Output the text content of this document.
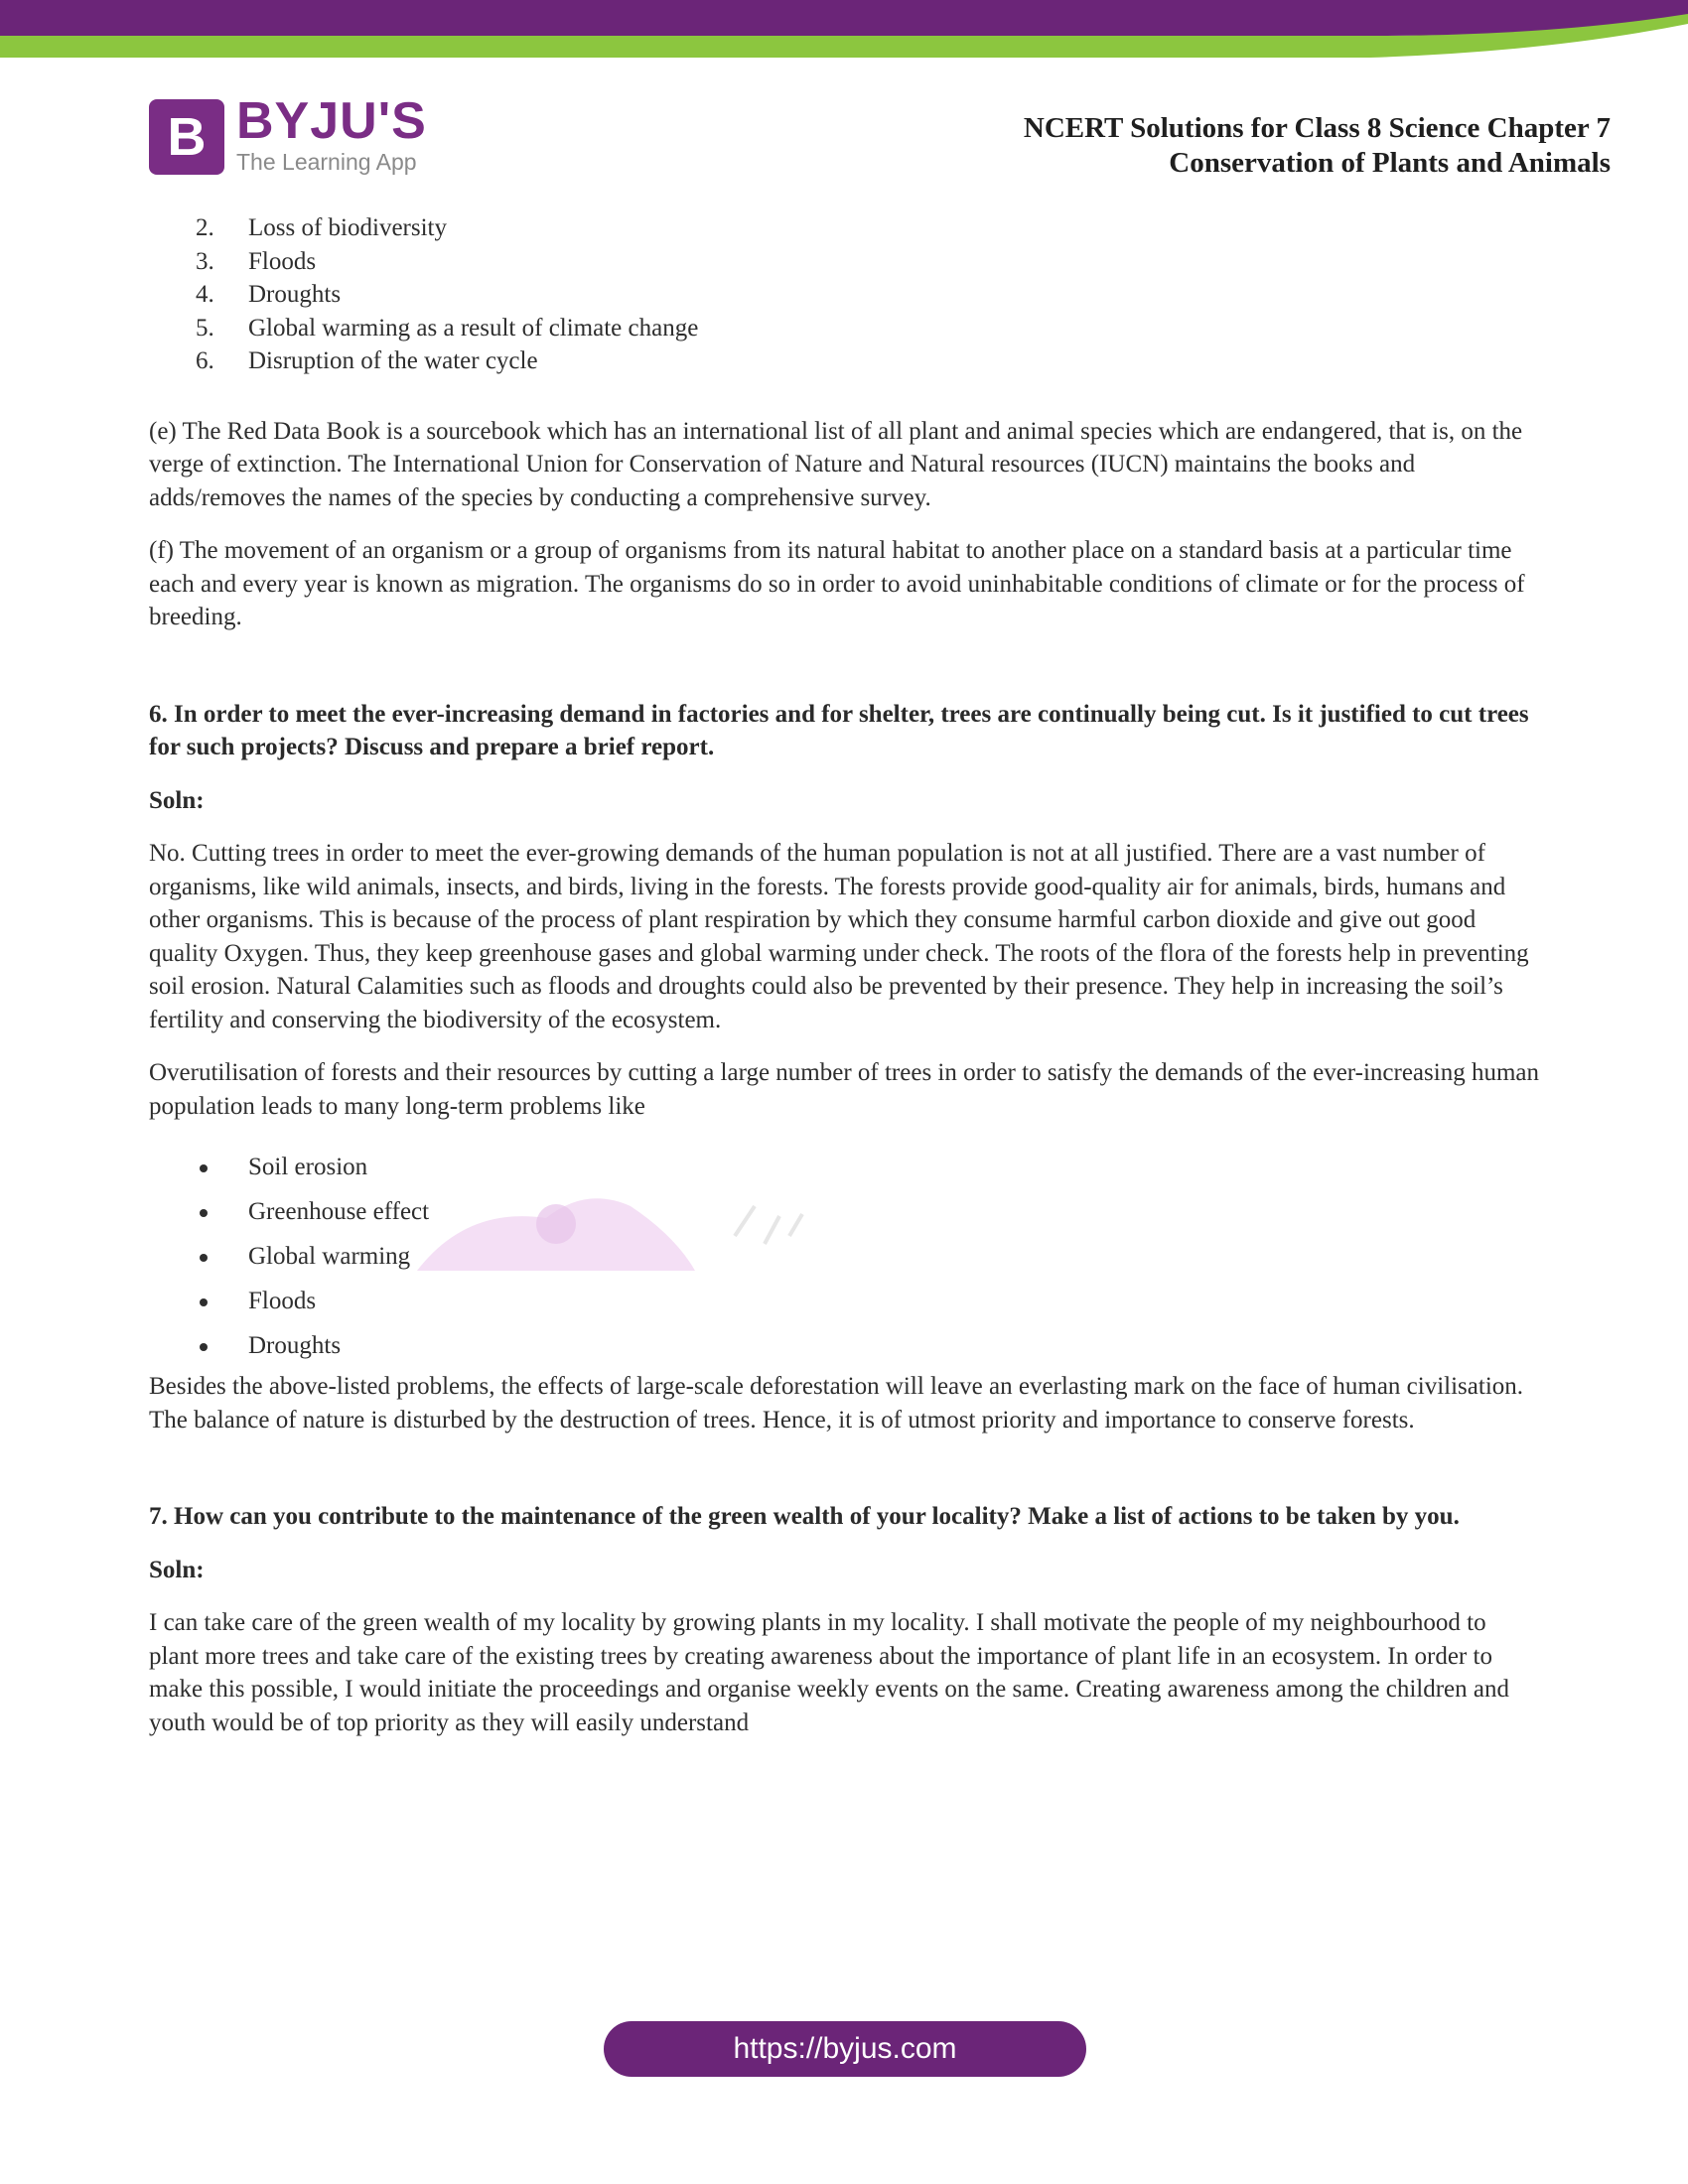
B BYJU'S
The Learning App
NCERT Solutions for Class 8 Science Chapter 7
Conservation of Plants and Animals
2. Loss of biodiversity
3. Floods
4. Droughts
5. Global warming as a result of climate change
6. Disruption of the water cycle

(e) The Red Data Book is a sourcebook which has an international list of all plant and animal species which are endangered, that is, on the verge of extinction. The International Union for Conservation of Nature and Natural resources (IUCN) maintains the books and adds/removes the names of the species by conducting a comprehensive survey.

(f) The movement of an organism or a group of organisms from its natural habitat to another place on a standard basis at a particular time each and every year is known as migration. The organisms do so in order to avoid uninhabitable conditions of climate or for the process of breeding.

6. In order to meet the ever-increasing demand in factories and for shelter, trees are continually being cut. Is it justified to cut trees for such projects? Discuss and prepare a brief report.

Soln:

No. Cutting trees in order to meet the ever-growing demands of the human population is not at all justified. There are a vast number of organisms, like wild animals, insects, and birds, living in the forests. The forests provide good-quality air for animals, birds, humans and other organisms. This is because of the process of plant respiration by which they consume harmful carbon dioxide and give out good quality Oxygen. Thus, they keep greenhouse gases and global warming under check. The roots of the flora of the forests help in preventing soil erosion. Natural Calamities such as floods and droughts could also be prevented by their presence. They help in increasing the soil’s fertility and conserving the biodiversity of the ecosystem.

Overutilisation of forests and their resources by cutting a large number of trees in order to satisfy the demands of the ever-increasing human population leads to many long-term problems like

Soil erosion
Greenhouse effect
Global warming
Floods
Droughts

Besides the above-listed problems, the effects of large-scale deforestation will leave an everlasting mark on the face of human civilisation. The balance of nature is disturbed by the destruction of trees. Hence, it is of utmost priority and importance to conserve forests.

7. How can you contribute to the maintenance of the green wealth of your locality? Make a list of actions to be taken by you.

Soln:

I can take care of the green wealth of my locality by growing plants in my locality. I shall motivate the people of my neighbourhood to plant more trees and take care of the existing trees by creating awareness about the importance of plant life in an ecosystem. In order to make this possible, I would initiate the proceedings and organise weekly events on the same. Creating awareness among the children and youth would be of top priority as they will easily understand

https://byjus.com
